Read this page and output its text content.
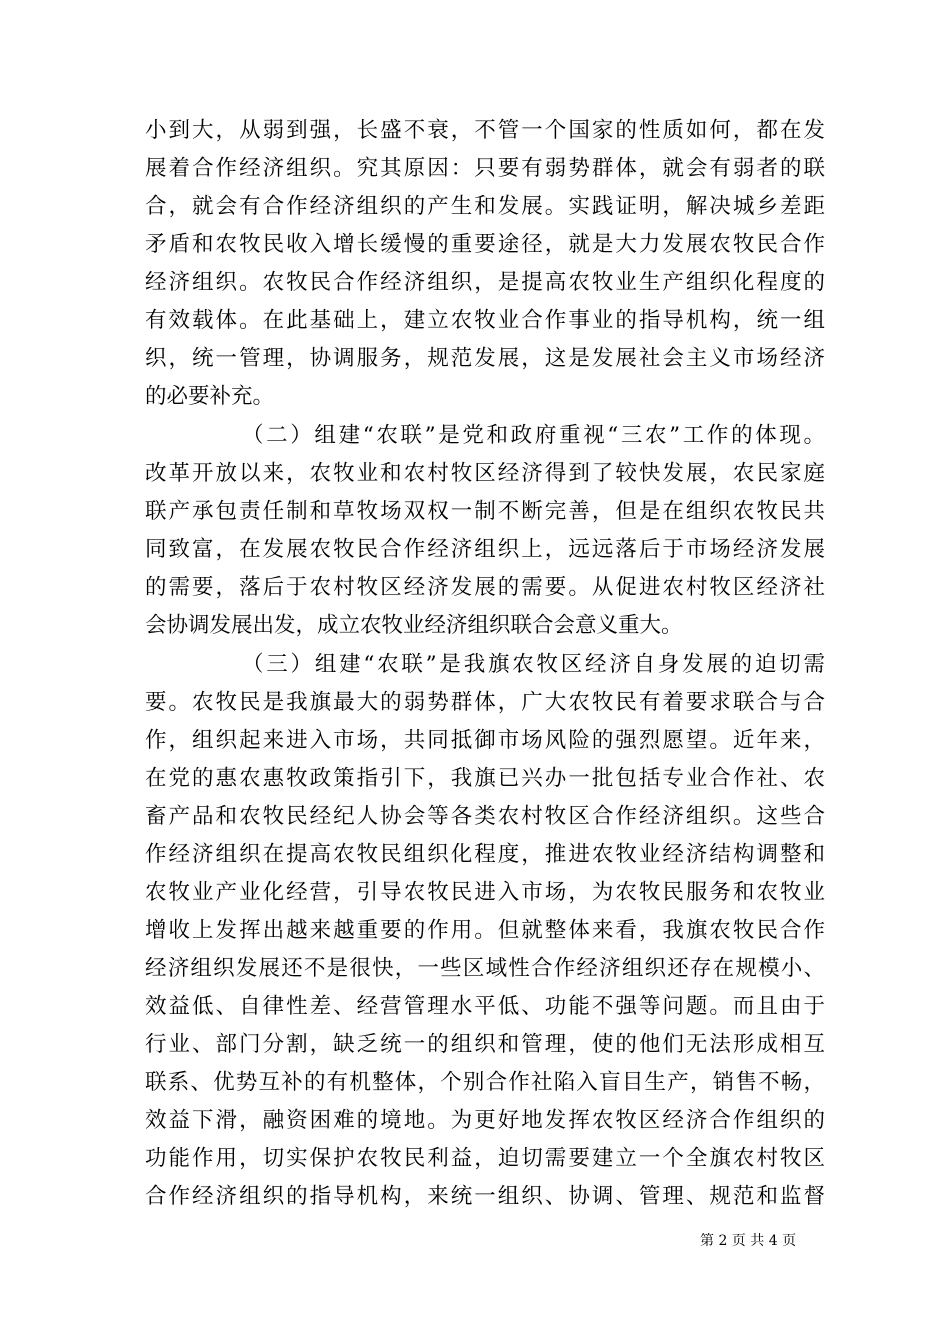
小到大，从弱到强，长盛不衰，不管一个国家的性质如何，都在发
展着合作经济组织。究其原因：只要有弱势群体，就会有弱者的联
合，就会有合作经济组织的产生和发展。实践证明，解决城乡差距
矛盾和农牧民收入增长缓慢的重要途径，就是大力发展农牧民合作
经济组织。农牧民合作经济组织，是提高农牧业生产组织化程度的
有效载体。在此基础上，建立农牧业合作事业的指导机构，统一组
织，统一管理，协调服务，规范发展，这是发展社会主义市场经济
的必要补充。
（二）组建“农联”是党和政府重视“三农”工作的体现。
改革开放以来，农牧业和农村牧区经济得到了较快发展，农民家庭
联产承包责任制和草牧场双权一制不断完善，但是在组织农牧民共
同致富，在发展农牧民合作经济组织上，远远落后于市场经济发展
的需要，落后于农村牧区经济发展的需要。从促进农村牧区经济社
会协调发展出发，成立农牧业经济组织联合会意义重大。
（三）组建“农联”是我旗农牧区经济自身发展的迫切需
要。农牧民是我旗最大的弱势群体，广大农牧民有着要求联合与合
作，组织起来进入市场，共同抵御市场风险的强烈愿望。近年来，
在党的惠农惠牧政策指引下，我旗已兴办一批包括专业合作社、农
畜产品和农牧民经纪人协会等各类农村牧区合作经济组织。这些合
作经济组织在提高农牧民组织化程度，推进农牧业经济结构调整和
农牧业产业化经营，引导农牧民进入市场，为农牧民服务和农牧业
增收上发挥出越来越重要的作用。但就整体来看，我旗农牧民合作
经济组织发展还不是很快，一些区域性合作经济组织还存在规模小、
效益低、自律性差、经营管理水平低、功能不强等问题。而且由于
行业、部门分割，缺乏统一的组织和管理，使的他们无法形成相互
联系、优势互补的有机整体，个别合作社陷入盲目生产，销售不畅，
效益下滑，融资困难的境地。为更好地发挥农牧区经济合作组织的
功能作用，切实保护农牧民利益，迫切需要建立一个全旗农村牧区
合作经济组织的指导机构，来统一组织、协调、管理、规范和监督
第 2 页 共 4 页
